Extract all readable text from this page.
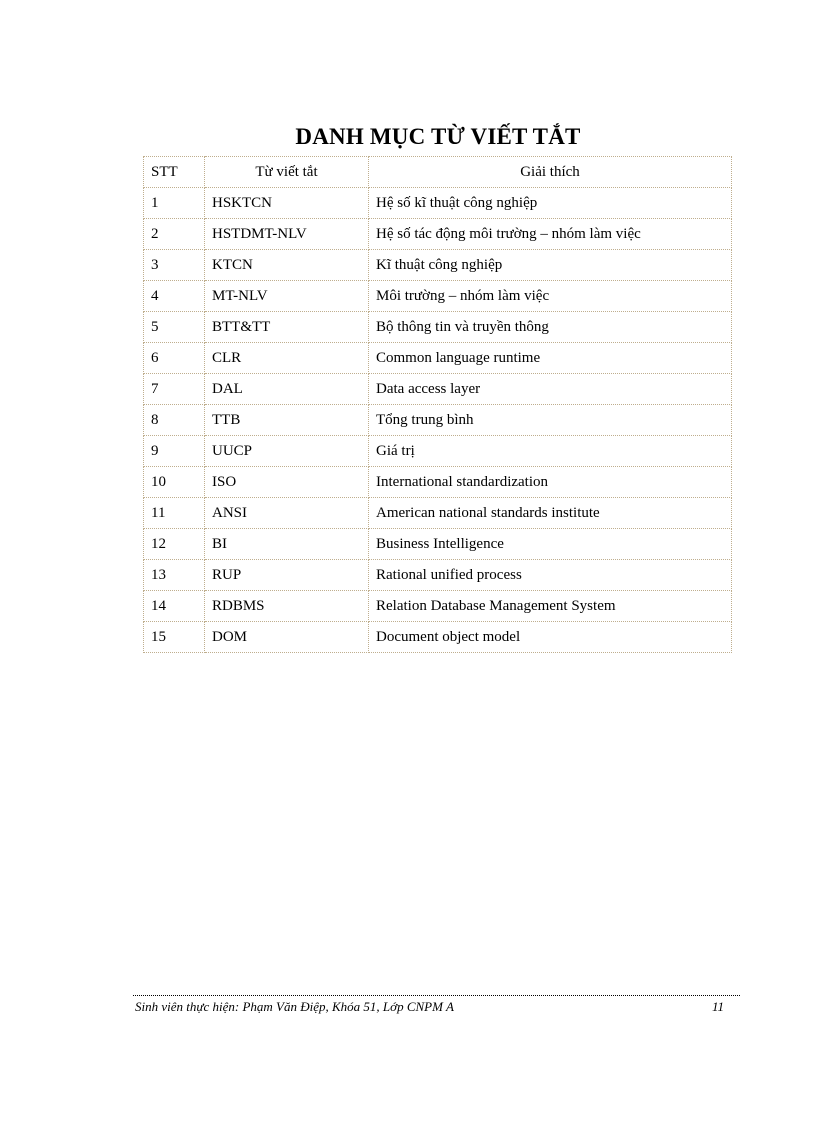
DANH MỤC TỪ VIẾT TẮT
STT	Từ viết tắt	Giải thích
1	HSKTCN	Hệ số kĩ thuật công nghiệp
2	HSTDMT-NLV	Hệ số tác động môi trường – nhóm làm việc
3	KTCN	Kĩ thuật công nghiệp
4	MT-NLV	Môi trường – nhóm làm việc
5	BTT&TT	Bộ thông tin và truyền thông
6	CLR	Common language runtime
7	DAL	Data access layer
8	TTB	Tổng trung bình
9	UUCP	Giá trị
10	ISO	International standardization
11	ANSI	American national standards institute
12	BI	Business Intelligence
13	RUP	Rational unified process
14	RDBMS	Relation Database Management System
15	DOM	Document object model
Sinh viên thực hiện: Phạm Văn Điệp, Khóa 51, Lớp CNPM A	11
